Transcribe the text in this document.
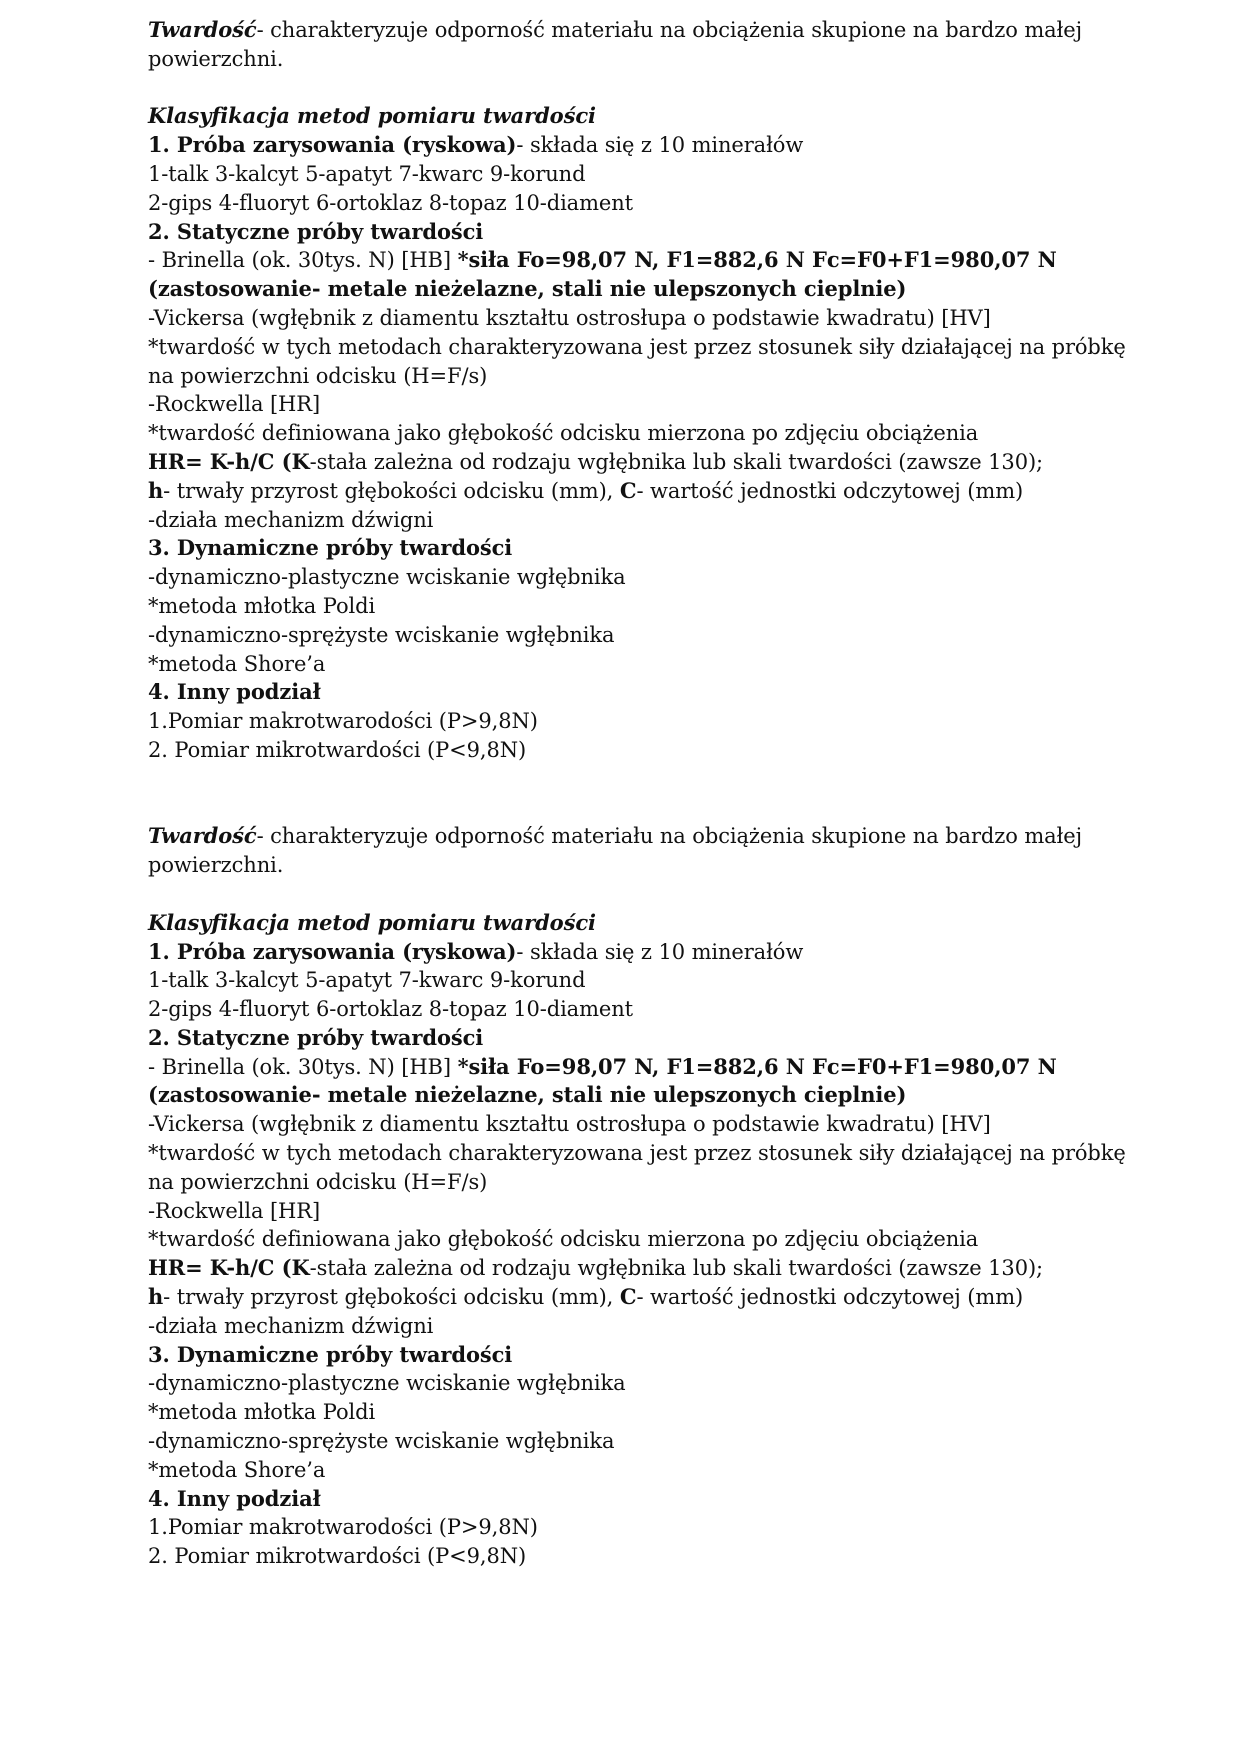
Twardość- charakteryzuje odporność materiału na obciążenia skupione na bardzo małej
powierzchni.
Klasyfikacja metod pomiaru twardości
1. Próba zarysowania (ryskowa)- składa się z 10 minerałów
1-talk 3-kalcyt 5-apatyt 7-kwarc 9-korund
2-gips 4-fluoryt 6-ortoklaz 8-topaz 10-diament
2. Statyczne próby twardości
- Brinella (ok. 30tys. N) [HB] *siła Fo=98,07 N, F1=882,6 N Fc=F0+F1=980,07 N
(zastosowanie- metale nieżelazne, stali nie ulepszonych cieplnie)
-Vickersa (wgłębnik z diamentu kształtu ostrosłupa o podstawie kwadratu) [HV]
*twardość w tych metodach charakteryzowana jest przez stosunek siły działającej na próbkę
na powierzchni odcisku (H=F/s)
-Rockwella [HR]
*twardość definiowana jako głębokość odcisku mierzona po zdjęciu obciążenia
HR= K-h/C (K-stała zależna od rodzaju wgłębnika lub skali twardości (zawsze 130);
h- trwały przyrost głębokości odcisku (mm), C- wartość jednostki odczytowej (mm)
-działa mechanizm dźwigni
3. Dynamiczne próby twardości
-dynamiczno-plastyczne wciskanie wgłębnika
*metoda młotka Poldi
-dynamiczno-sprężyste wciskanie wgłębnika
*metoda Shore’a
4. Inny podział
1.Pomiar makrotwarodości (P>9,8N)
2. Pomiar mikrotwardości (P<9,8N)
Twardość- charakteryzuje odporność materiału na obciążenia skupione na bardzo małej
powierzchni.
Klasyfikacja metod pomiaru twardości
1. Próba zarysowania (ryskowa)- składa się z 10 minerałów
1-talk 3-kalcyt 5-apatyt 7-kwarc 9-korund
2-gips 4-fluoryt 6-ortoklaz 8-topaz 10-diament
2. Statyczne próby twardości
- Brinella (ok. 30tys. N) [HB] *siła Fo=98,07 N, F1=882,6 N Fc=F0+F1=980,07 N
(zastosowanie- metale nieżelazne, stali nie ulepszonych cieplnie)
-Vickersa (wgłębnik z diamentu kształtu ostrosłupa o podstawie kwadratu) [HV]
*twardość w tych metodach charakteryzowana jest przez stosunek siły działającej na próbkę
na powierzchni odcisku (H=F/s)
-Rockwella [HR]
*twardość definiowana jako głębokość odcisku mierzona po zdjęciu obciążenia
HR= K-h/C (K-stała zależna od rodzaju wgłębnika lub skali twardości (zawsze 130);
h- trwały przyrost głębokości odcisku (mm), C- wartość jednostki odczytowej (mm)
-działa mechanizm dźwigni
3. Dynamiczne próby twardości
-dynamiczno-plastyczne wciskanie wgłębnika
*metoda młotka Poldi
-dynamiczno-sprężyste wciskanie wgłębnika
*metoda Shore’a
4. Inny podział
1.Pomiar makrotwarodości (P>9,8N)
2. Pomiar mikrotwardości (P<9,8N)
